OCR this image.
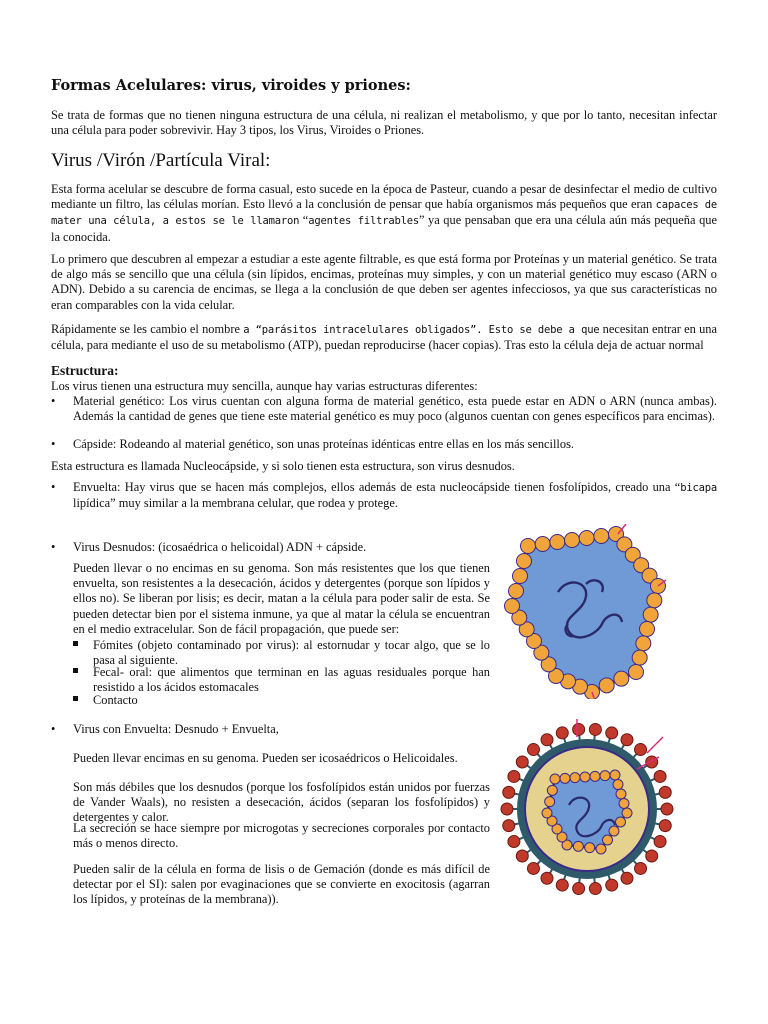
Formas Acelulares: virus, viroides y priones:

Se trata de formas que no tienen ninguna estructura de una célula, ni realizan el metabolismo, y que por lo tanto, necesitan infectar una célula para poder sobrevivir. Hay 3 tipos, los Virus, Viroides o Priones.

Virus /Virón /Partícula Viral:

Esta forma acelular se descubre de forma casual, esto sucede en la época de Pasteur, cuando a pesar de desinfectar el medio de cultivo mediante un filtro, las células morían. Esto llevó a la conclusión de pensar que había organismos más pequeños que eran capaces de mater una célula, a estos se le llamaron “agentes filtrables” ya que pensaban que era una célula aún más pequeña que la conocida.

Lo primero que descubren al empezar a estudiar a este agente filtrable, es que está forma por Proteínas y un material genético. Se trata de algo más se sencillo que una célula (sin lípidos, encimas, proteínas muy simples, y con un material genético muy escaso (ARN o ADN). Debido a su carencia de encimas, se llega a la conclusión de que deben ser agentes infecciosos, ya que sus características no eran comparables con la vida celular.

Rápidamente se les cambio el nombre a “parásitos intracelulares obligados”. Esto se debe a que necesitan entrar en una célula, para mediante el uso de su metabolismo (ATP), puedan reproducirse (hacer copias). Tras esto la célula deja de actuar normal

Estructura:

Los virus tienen una estructura muy sencilla, aunque hay varias estructuras diferentes:

•	Material genético: Los virus cuentan con alguna forma de material genético, esta puede estar en ADN o ARN (nunca ambas). Además la cantidad de genes que tiene este material genético es muy poco (algunos cuentan con genes específicos para encimas).
•	Cápside: Rodeando al material genético, son unas proteínas idénticas entre ellas en los más sencillos.

Esta estructura es llamada Nucleocápside, y si solo tienen esta estructura, son virus desnudos.

•	Envuelta: Hay virus que se hacen más complejos, ellos además de esta nucleocápside tienen fosfolípidos, creado una “bicapa lipídica” muy similar a la membrana celular, que rodea y protege.
•	Virus Desnudos: (icosaédrica o helicoidal) ADN + cápside.

Pueden llevar o no encimas en su genoma. Son más resistentes que los que tienen envuelta, son resistentes a la desecación, ácidos y detergentes (porque son lípidos y ellos no). Se liberan por lisis; es decir, matan a la célula para poder salir de esta. Se pueden detectar bien por el sistema inmune, ya que al matar la célula se encuentran en el medio extracelular. Son de fácil propagación, que puede ser:

Fómites (objeto contaminado por virus): al estornudar y tocar algo, que se lo pasa al siguiente.
Fecal- oral: que alimentos que terminan en las aguas residuales porque han resistido a los ácidos estomacales
Contacto
•	Virus con Envuelta: Desnudo + Envuelta,

Pueden llevar encimas en su genoma. Pueden ser icosaédricos o Helicoidales.

Son más débiles que los desnudos (porque los fosfolípidos están unidos por fuerzas de Vander Waals), no resisten a desecación, ácidos (separan los fosfolípidos) y detergentes y calor.

La secreción se hace siempre por microgotas y secreciones corporales por contacto más o menos directo.

Pueden salir de la célula en forma de lisis o de Gemación (donde es más difícil de detectar por el SI): salen por evaginaciones que se convierte en exocitosis (agarran los lípidos, y proteínas de la membrana)).
